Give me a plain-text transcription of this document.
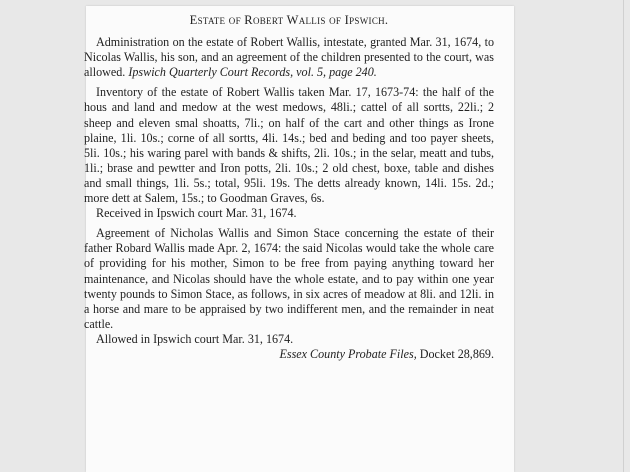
Estate of Robert Wallis of Ipswich.

Administration on the estate of Robert Wallis, intestate, granted Mar. 31, 1674, to Nicolas Wallis, his son, and an agreement of the children presented to the court, was allowed. Ipswich Quarterly Court Records, vol. 5, page 240.

Inventory of the estate of Robert Wallis taken Mar. 17, 1673-74: the half of the hous and land and medow at the west medows, 48li.; cattel of all sortts, 22li.; 2 sheep and eleven smal shoatts, 7li.; on half of the cart and other things as Irone plaine, 1li. 10s.; corne of all sortts, 4li. 14s.; bed and beding and too payer sheets, 5li. 10s.; his waring parel with bands & shifts, 2li. 10s.; in the selar, meatt and tubs, 1li.; brase and pewtter and Iron potts, 2li. 10s.; 2 old chest, boxe, table and dishes and small things, 1li. 5s.; total, 95li. 19s. The detts already known, 14li. 15s. 2d.; more dett at Salem, 15s.; to Goodman Graves, 6s.

Received in Ipswich court Mar. 31, 1674.

Agreement of Nicholas Wallis and Simon Stace concerning the estate of their father Robard Wallis made Apr. 2, 1674: the said Nicolas would take the whole care of providing for his mother, Simon to be free from paying anything toward her maintenance, and Nicolas should have the whole estate, and to pay within one year twenty pounds to Simon Stace, as follows, in six acres of meadow at 8li. and 12li. in a horse and mare to be appraised by two indifferent men, and the remainder in neat cattle.

Allowed in Ipswich court Mar. 31, 1674.

Essex County Probate Files, Docket 28,869.
